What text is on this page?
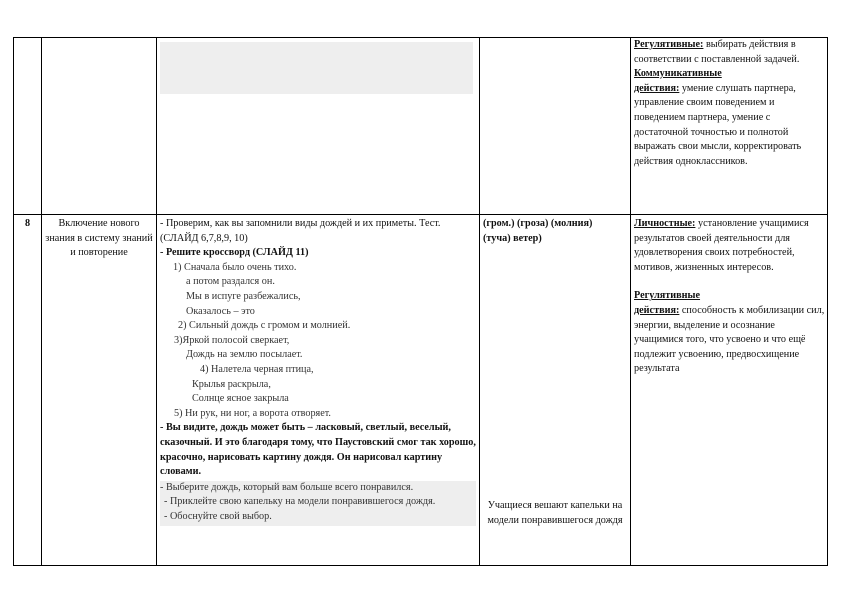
Регулятивные: выбирать действия в соответствии с поставленной задачей.
Коммуникативные
действия: умение слушать партнера, управление своим поведением и поведением партнера, умение с достаточной точностью и полнотой выражать свои мысли, корректировать действия одноклассников.
8	Включение нового знания в систему знаний и повторение
- Проверим, как вы запомнили виды дождей и их приметы. Тест. (СЛАЙД 6,7,8,9, 10)
- Решите кроссворд (СЛАЙД 11)
1) Сначала было очень тихо.
а потом раздался он.
Мы в испуге разбежались,
Оказалось – это
2) Сильный дождь с громом и молнией.
3)Яркой полосой сверкает,
Дождь на землю посылает.
4) Налетела черная птица,
Крылья раскрыла,
Солнце ясное закрыла
5) Ни рук, ни ног, а ворота отворяет.
- Вы видите, дождь может быть – ласковый, светлый, веселый, сказочный. И это благодаря тому, что Паустовский смог так хорошо, красочно, нарисовать картину дождя. Он нарисовал картину словами.
- Выберите дождь, который вам больше всего понравился.
- Приклейте свою капельку на модели понравившегося дождя.
- Обоснуйте свой выбор.
(гром.) (гроза) (молния)
(туча) ветер)
Учащиеся вешают капельки на модели понравившегося дождя
Личностные: установление учащимися результатов своей деятельности для удовлетворения своих потребностей, мотивов, жизненных интересов.
Регулятивные
действия: способность к мобилизации сил, энергии, выделение и осознание учащимися того, что усвоено и что ещё подлежит усвоению, предвосхищение результата
